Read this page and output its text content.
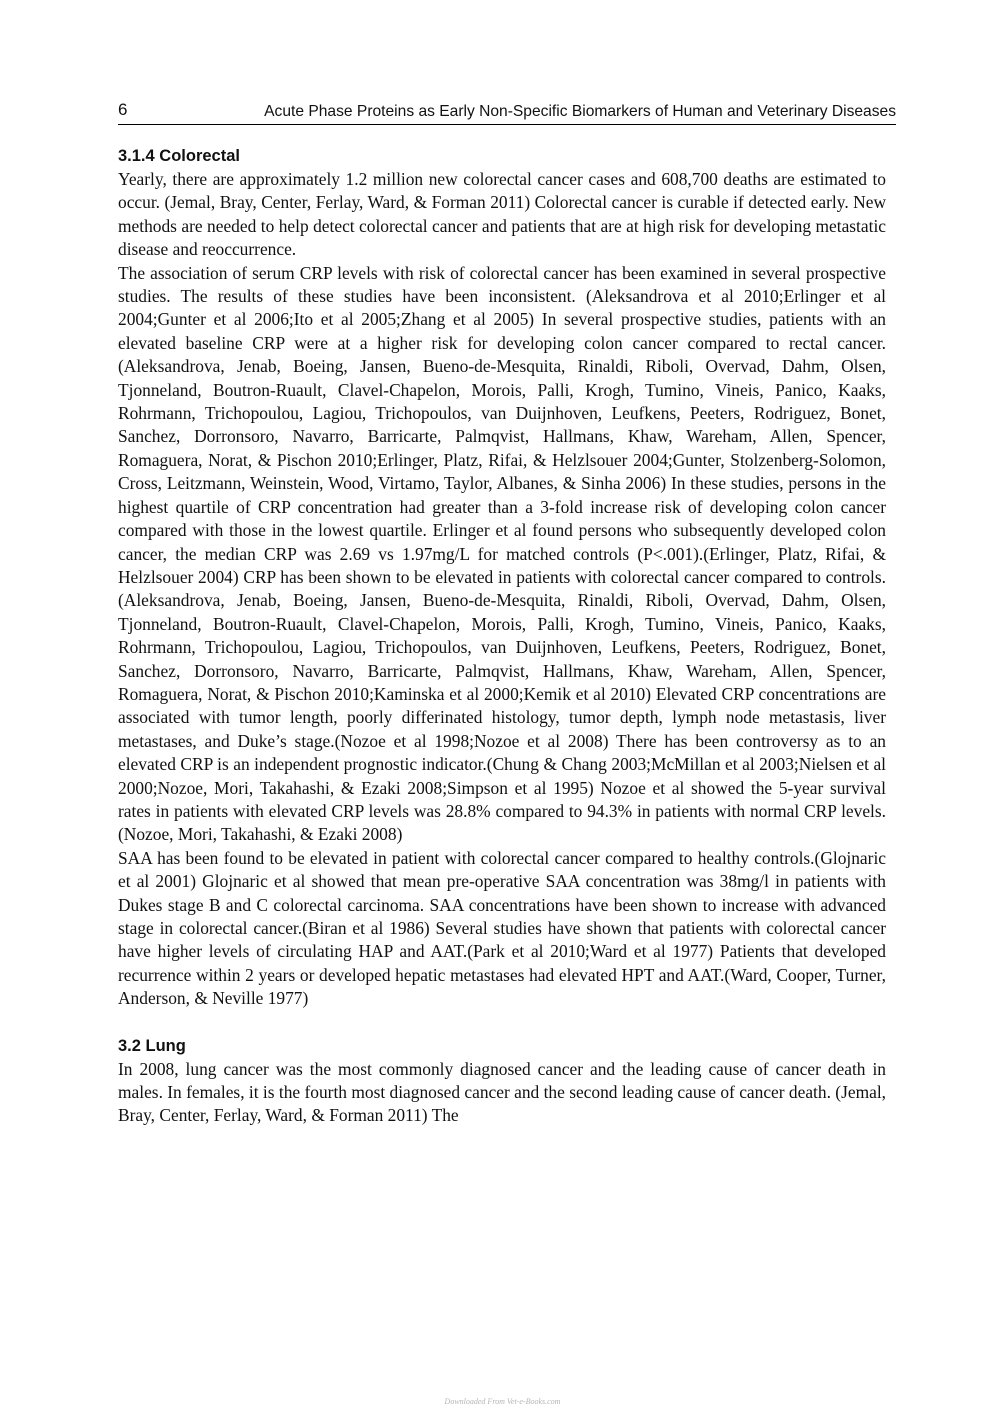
6	Acute Phase Proteins as Early Non-Specific Biomarkers of Human and Veterinary Diseases
3.1.4 Colorectal

Yearly, there are approximately 1.2 million new colorectal cancer cases and 608,700 deaths are estimated to occur. (Jemal, Bray, Center, Ferlay, Ward, & Forman 2011) Colorectal cancer is curable if detected early. New methods are needed to help detect colorectal cancer and patients that are at high risk for developing metastatic disease and reoccurrence.

The association of serum CRP levels with risk of colorectal cancer has been examined in several prospective studies. The results of these studies have been inconsistent. (Aleksandrova et al 2010;Erlinger et al 2004;Gunter et al 2006;Ito et al 2005;Zhang et al 2005) In several prospective studies, patients with an elevated baseline CRP were at a higher risk for developing colon cancer compared to rectal cancer.(Aleksandrova, Jenab, Boeing, Jansen, Bueno-de-Mesquita, Rinaldi, Riboli, Overvad, Dahm, Olsen, Tjonneland, Boutron-Ruault, Clavel-Chapelon, Morois, Palli, Krogh, Tumino, Vineis, Panico, Kaaks, Rohrmann, Trichopoulou, Lagiou, Trichopoulos, van Duijnhoven, Leufkens, Peeters, Rodriguez, Bonet, Sanchez, Dorronsoro, Navarro, Barricarte, Palmqvist, Hallmans, Khaw, Wareham, Allen, Spencer, Romaguera, Norat, & Pischon 2010;Erlinger, Platz, Rifai, & Helzlsouer 2004;Gunter, Stolzenberg-Solomon, Cross, Leitzmann, Weinstein, Wood, Virtamo, Taylor, Albanes, & Sinha 2006) In these studies, persons in the highest quartile of CRP concentration had greater than a 3-fold increase risk of developing colon cancer compared with those in the lowest quartile. Erlinger et al found persons who subsequently developed colon cancer, the median CRP was 2.69 vs 1.97mg/L for matched controls (P<.001).(Erlinger, Platz, Rifai, & Helzlsouer 2004) CRP has been shown to be elevated in patients with colorectal cancer compared to controls.(Aleksandrova, Jenab, Boeing, Jansen, Bueno-de-Mesquita, Rinaldi, Riboli, Overvad, Dahm, Olsen, Tjonneland, Boutron-Ruault, Clavel-Chapelon, Morois, Palli, Krogh, Tumino, Vineis, Panico, Kaaks, Rohrmann, Trichopoulou, Lagiou, Trichopoulos, van Duijnhoven, Leufkens, Peeters, Rodriguez, Bonet, Sanchez, Dorronsoro, Navarro, Barricarte, Palmqvist, Hallmans, Khaw, Wareham, Allen, Spencer, Romaguera, Norat, & Pischon 2010;Kaminska et al 2000;Kemik et al 2010) Elevated CRP concentrations are associated with tumor length, poorly differinated histology, tumor depth, lymph node metastasis, liver metastases, and Duke’s stage.(Nozoe et al 1998;Nozoe et al 2008) There has been controversy as to an elevated CRP is an independent prognostic indicator.(Chung & Chang 2003;McMillan et al 2003;Nielsen et al 2000;Nozoe, Mori, Takahashi, & Ezaki 2008;Simpson et al 1995) Nozoe et al showed the 5-year survival rates in patients with elevated CRP levels was 28.8% compared to 94.3% in patients with normal CRP levels.(Nozoe, Mori, Takahashi, & Ezaki 2008)

SAA has been found to be elevated in patient with colorectal cancer compared to healthy controls.(Glojnaric et al 2001) Glojnaric et al showed that mean pre-operative SAA concentration was 38mg/l in patients with Dukes stage B and C colorectal carcinoma. SAA concentrations have been shown to increase with advanced stage in colorectal cancer.(Biran et al 1986) Several studies have shown that patients with colorectal cancer have higher levels of circulating HAP and AAT.(Park et al 2010;Ward et al 1977) Patients that developed recurrence within 2 years or developed hepatic metastases had elevated HPT and AAT.(Ward, Cooper, Turner, Anderson, & Neville 1977)

3.2 Lung

In 2008, lung cancer was the most commonly diagnosed cancer and the leading cause of cancer death in males. In females, it is the fourth most diagnosed cancer and the second leading cause of cancer death. (Jemal, Bray, Center, Ferlay, Ward, & Forman 2011) The

Downloaded From Vet-e-Books.com
